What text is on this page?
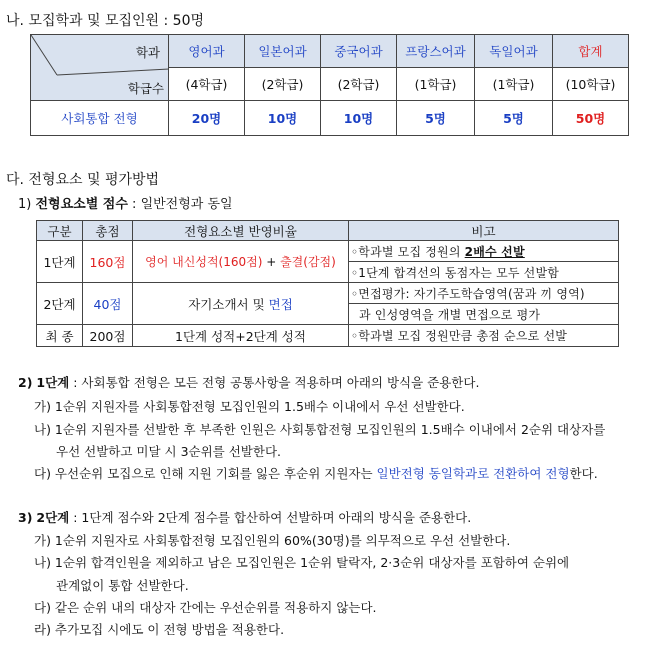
나. 모집학과 및 모집인원 : 50명
학과
학급수	영어과	일본어과	중국어과	프랑스어과	독일어과	합계
	(4학급)	(2학급)	(2학급)	(1학급)	(1학급)	(10학급)
사회통합 전형	20명	10명	10명	5명	5명	50명
다. 전형요소 및 평가방법
1) 전형요소별 점수 : 일반전형과 동일
구분	총점	전형요소별 반영비율	비고
1단계	160점	영어 내신성적(160점) + 출결(감점)	◦학과별 모집 정원의 2배수 선발
			◦1단계 합격선의 동점자는 모두 선발함
2단계	40점	자기소개서 및 면접	◦면접평가: 자기주도학습영역(꿈과 끼 영역)
			과 인성영역을 개별 면접으로 평가
최 종	200점	1단계 성적+2단계 성적	◦학과별 모집 정원만큼 총점 순으로 선발
2) 1단계 : 사회통합 전형은 모든 전형 공통사항을 적용하며 아래의 방식을 준용한다.
가) 1순위 지원자를 사회통합전형 모집인원의 1.5배수 이내에서 우선 선발한다.
나) 1순위 지원자를 선발한 후 부족한 인원은 사회통합전형 모집인원의 1.5배수 이내에서 2순위 대상자를
우선 선발하고 미달 시 3순위를 선발한다.
다) 우선순위 모집으로 인해 지원 기회를 잃은 후순위 지원자는 일반전형 동일학과로 전환하여 전형한다.
3) 2단계 : 1단계 점수와 2단계 점수를 합산하여 선발하며 아래의 방식을 준용한다.
가) 1순위 지원자로 사회통합전형 모집인원의 60%(30명)를 의무적으로 우선 선발한다.
나) 1순위 합격인원을 제외하고 남은 모집인원은 1순위 탈락자, 2·3순위 대상자를 포함하여 순위에
관계없이 통합 선발한다.
다) 같은 순위 내의 대상자 간에는 우선순위를 적용하지 않는다.
라) 추가모집 시에도 이 전형 방법을 적용한다.
